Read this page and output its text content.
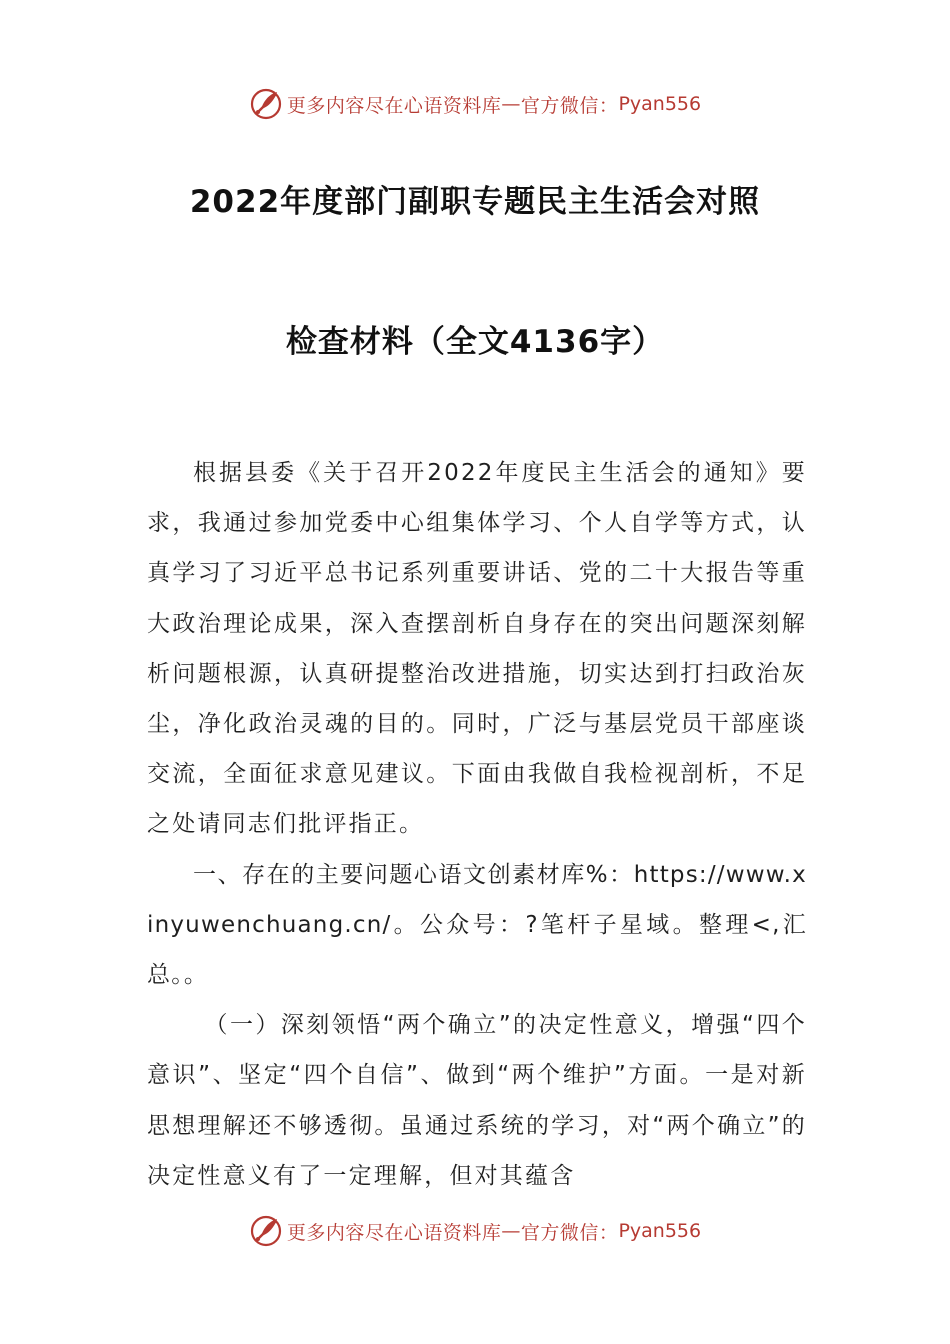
更多内容尽在心语资料库 — 官方微信： Pyan556
2022年度部门副职专题民主生活会对照
检查材料（全文4136字）

根据县委《关于召开2022年度民主生活会的通知》要求，我通过参加党委中心组集体学习、个人自学等方式，认真学习了习近平总书记系列重要讲话、党的二十大报告等重大政治理论成果，深入查摆剖析自身存在的突出问题深刻解析问题根源，认真研提整治改进措施，切实达到打扫政治灰尘，净化政治灵魂的目的。同时，广泛与基层党员干部座谈交流，全面征求意见建议。下面由我做自我检视剖析，不足之处请同志们批评指正。

一、存在的主要问题心语文创素材库%：https://www.xinyuwenchuang.cn/。公众号：?笔杆子星域。整理<,汇总。。

（一）深刻领悟“两个确立”的决定性意义，增强“四个意识”、坚定“四个自信”、做到“两个维护”方面。一是对新思想理解还不够透彻。虽通过系统的学习，对“两个确立”的决定性意义有了一定理解，但对其蕴含

更多内容尽在心语资料库 — 官方微信： Pyan556
